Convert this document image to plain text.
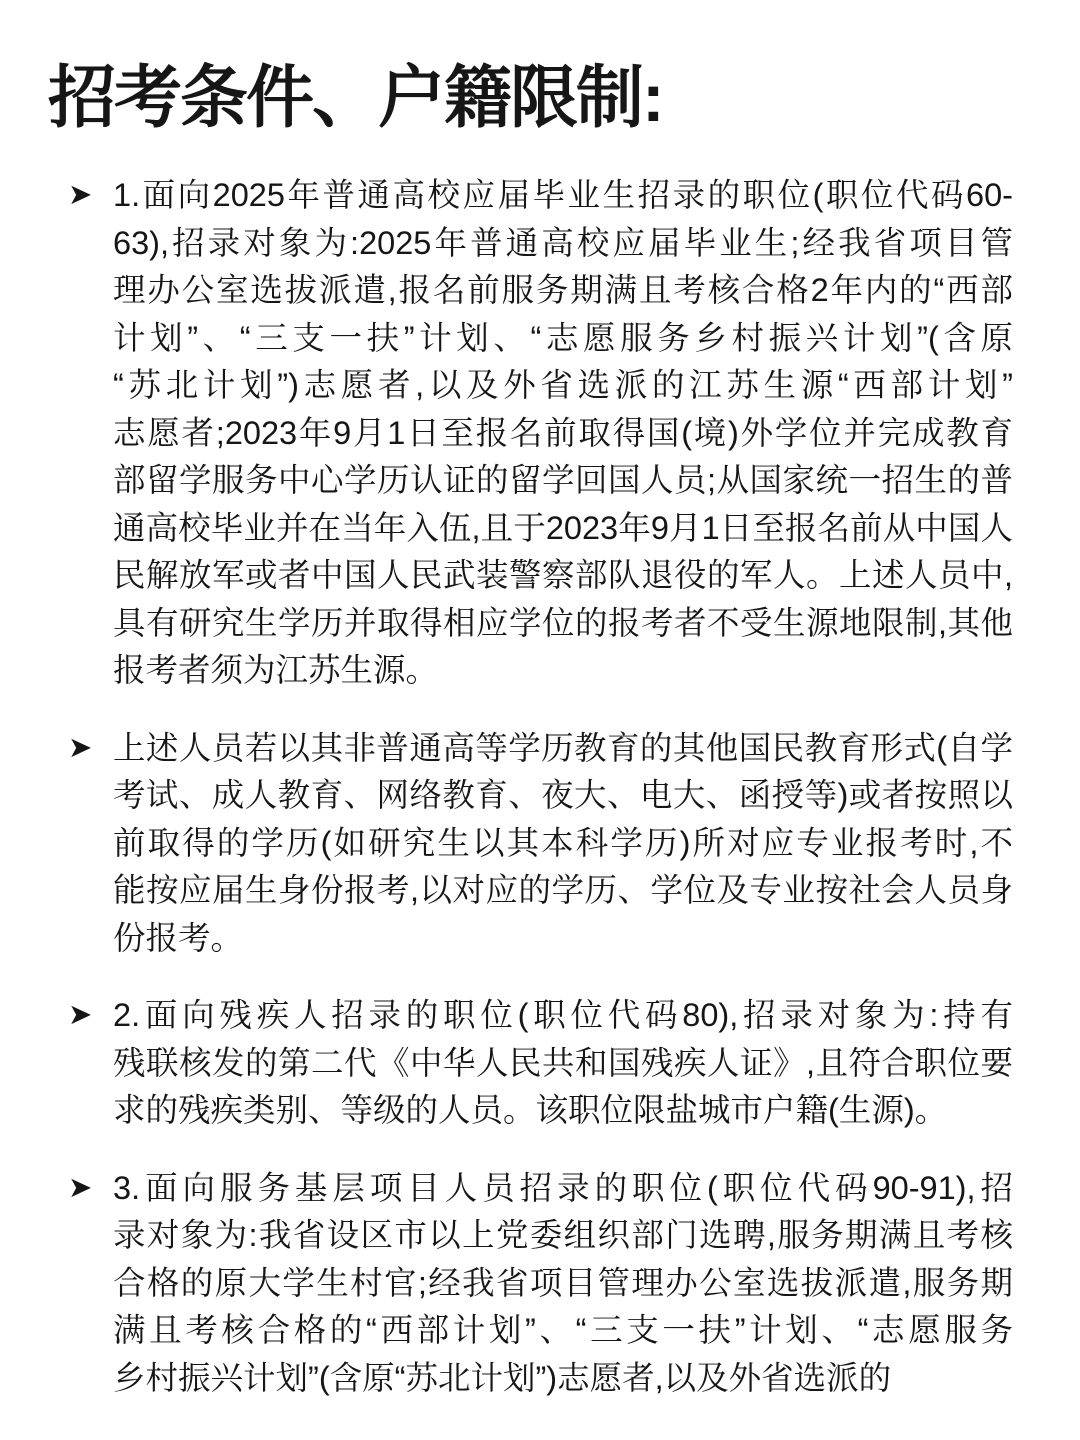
招考条件、户籍限制:
➤ 1.面向2025年普通高校应届毕业生招录的职位(职位代码60-
63),招录对象为:2025年普通高校应届毕业生;经我省项目管
理办公室选拔派遣,报名前服务期满且考核合格2年内的“西部
计划”、“三支一扶”计划、“志愿服务乡村振兴计划”(含原
“苏北计划”)志愿者,以及外省选派的江苏生源“西部计划”
志愿者;2023年9月1日至报名前取得国(境)外学位并完成教育
部留学服务中心学历认证的留学回国人员;从国家统一招生的普
通高校毕业并在当年入伍,且于2023年9月1日至报名前从中国人
民解放军或者中国人民武装警察部队退役的军人。上述人员中,
具有研究生学历并取得相应学位的报考者不受生源地限制,其他
报考者须为江苏生源。
➤ 上述人员若以其非普通高等学历教育的其他国民教育形式(自学
考试、成人教育、网络教育、夜大、电大、函授等)或者按照以
前取得的学历(如研究生以其本科学历)所对应专业报考时,不
能按应届生身份报考,以对应的学历、学位及专业按社会人员身
份报考。
➤ 2.面向残疾人招录的职位(职位代码80),招录对象为:持有
残联核发的第二代《中华人民共和国残疾人证》,且符合职位要
求的残疾类别、等级的人员。该职位限盐城市户籍(生源)。
➤ 3.面向服务基层项目人员招录的职位(职位代码90-91),招
录对象为:我省设区市以上党委组织部门选聘,服务期满且考核
合格的原大学生村官;经我省项目管理办公室选拔派遣,服务期
满且考核合格的“西部计划”、“三支一扶”计划、“志愿服务
乡村振兴计划”(含原“苏北计划”)志愿者,以及外省选派的
